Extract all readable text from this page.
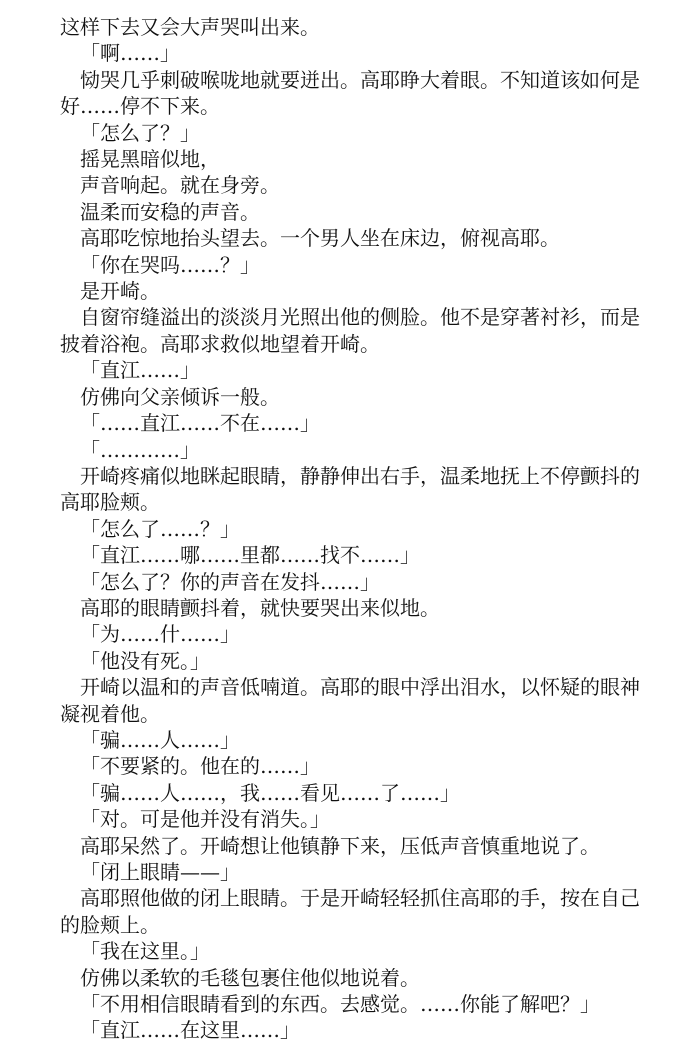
这样下去又会大声哭叫出来。

「啊……」

恸哭几乎刺破喉咙地就要迸出。高耶睁大着眼。不知道该如何是好……停不下来。

「怎么了？」

摇晃黑暗似地，

声音响起。就在身旁。

温柔而安稳的声音。

高耶吃惊地抬头望去。一个男人坐在床边，俯视高耶。

「你在哭吗……？」

是开崎。

自窗帘缝溢出的淡淡月光照出他的侧脸。他不是穿著衬衫，而是披着浴袍。高耶求救似地望着开崎。

「直江……」

仿佛向父亲倾诉一般。

「……直江……不在……」

「…………」

开崎疼痛似地眯起眼睛，静静伸出右手，温柔地抚上不停颤抖的高耶脸颊。

「怎么了……？」

「直江……哪……里都……找不……」

「怎么了？你的声音在发抖……」

高耶的眼睛颤抖着，就快要哭出来似地。

「为……什……」

「他没有死。」

开崎以温和的声音低喃道。高耶的眼中浮出泪水，以怀疑的眼神凝视着他。

「骗……人……」

「不要紧的。他在的……」

「骗……人……，我……看见……了……」

「对。可是他并没有消失。」

高耶呆然了。开崎想让他镇静下来，压低声音慎重地说了。

「闭上眼睛——」

高耶照他做的闭上眼睛。于是开崎轻轻抓住高耶的手，按在自己的脸颊上。

「我在这里。」

仿佛以柔软的毛毯包裹住他似地说着。

「不用相信眼睛看到的东西。去感觉。……你能了解吧？」

「直江……在这里……」
